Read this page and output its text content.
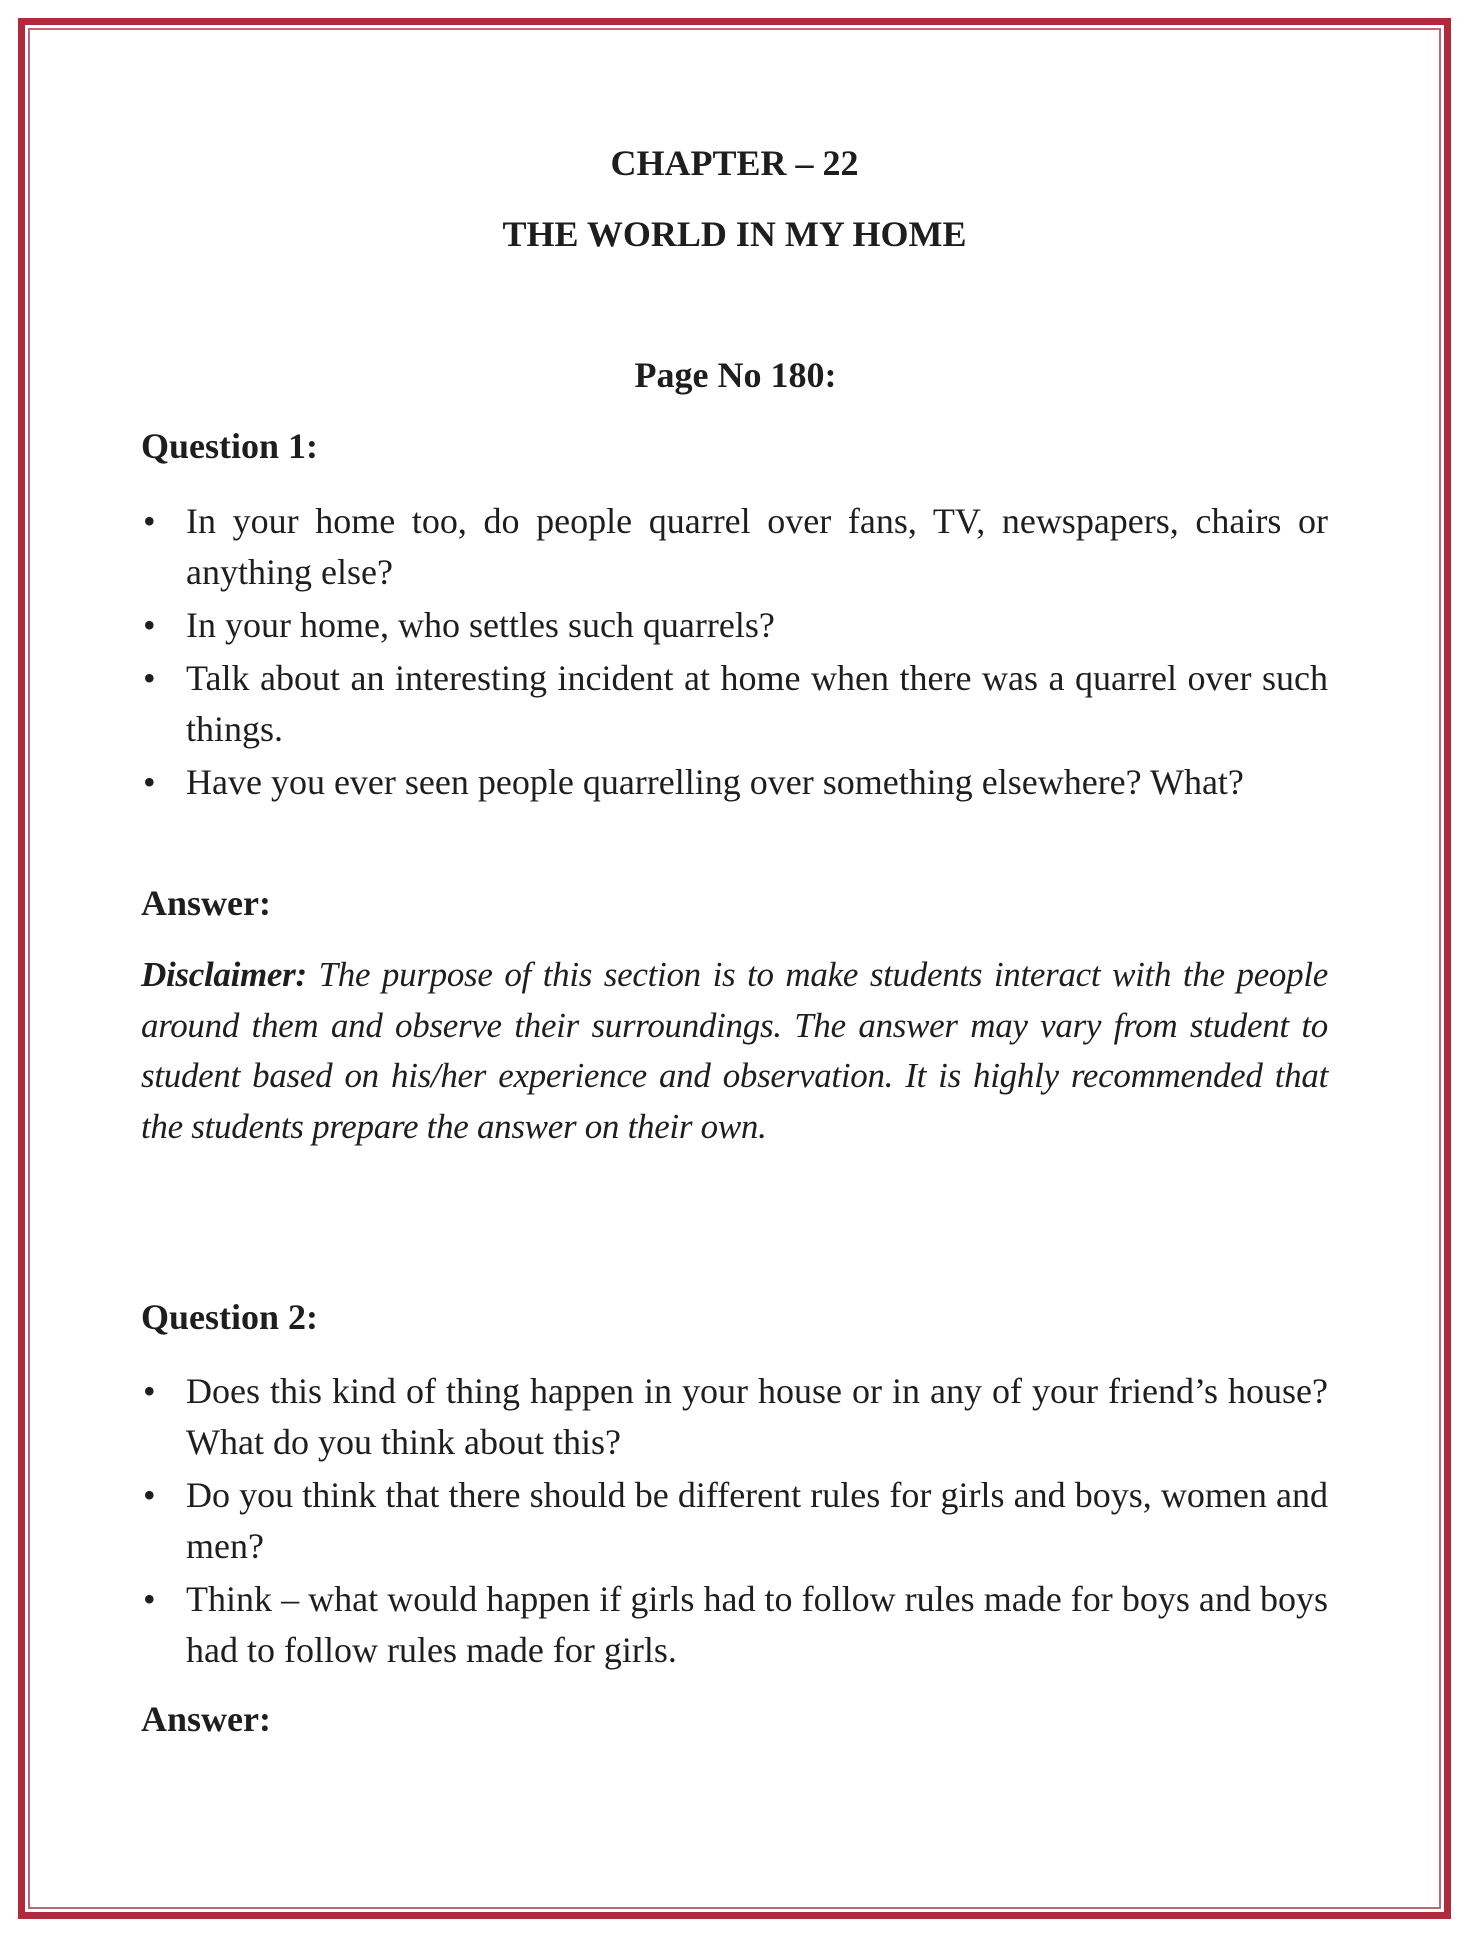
CHAPTER – 22
THE WORLD IN MY HOME
Page No 180:
Question 1:
• In your home too, do people quarrel over fans, TV, newspapers, chairs or anything else?
• In your home, who settles such quarrels?
• Talk about an interesting incident at home when there was a quarrel over such things.
• Have you ever seen people quarrelling over something elsewhere? What?
Answer:
Disclaimer: The purpose of this section is to make students interact with the people around them and observe their surroundings. The answer may vary from student to student based on his/her experience and observation. It is highly recommended that the students prepare the answer on their own.
Question 2:
• Does this kind of thing happen in your house or in any of your friend’s house? What do you think about this?
• Do you think that there should be different rules for girls and boys, women and men?
• Think – what would happen if girls had to follow rules made for boys and boys had to follow rules made for girls.
Answer:
